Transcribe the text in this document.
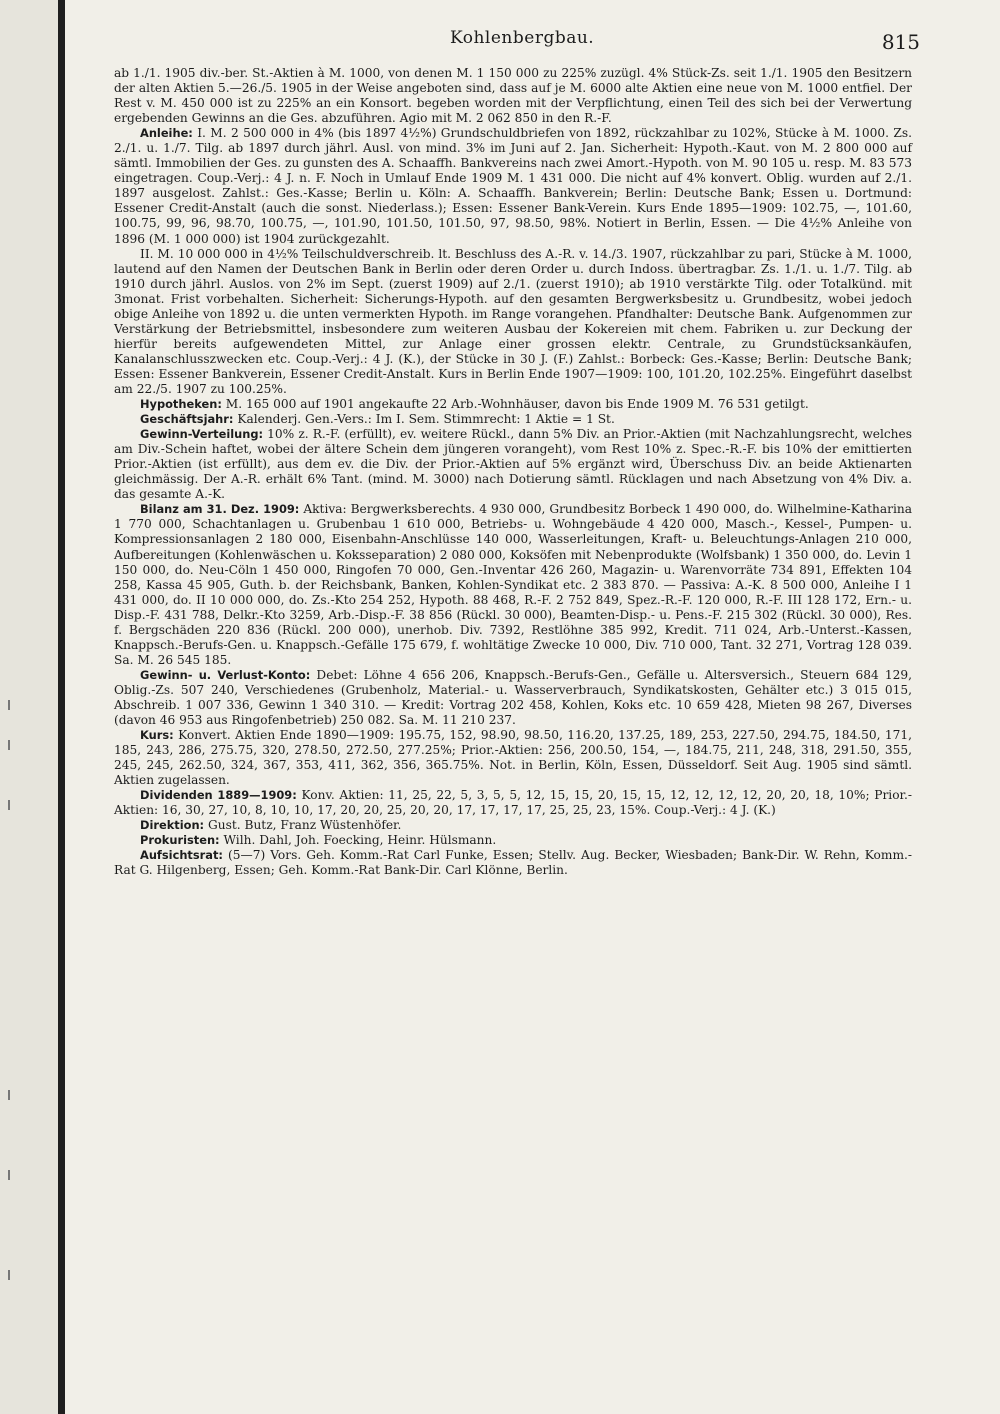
Kohlenbergbau.	815

ab 1./1. 1905 div.-ber. St.-Aktien à M. 1000, von denen M. 1 150 000 zu 225% zuzügl. 4% Stück-Zs. seit 1./1. 1905 den Besitzern der alten Aktien 5.—26./5. 1905 in der Weise angeboten sind, dass auf je M. 6000 alte Aktien eine neue von M. 1000 entfiel. Der Rest v. M. 450 000 ist zu 225% an ein Konsort. begeben worden mit der Verpflichtung, einen Teil des sich bei der Verwertung ergebenden Gewinns an die Ges. abzuführen. Agio mit M. 2 062 850 in den R.-F.

Anleihe: I. M. 2 500 000 in 4% (bis 1897 4½%) Grundschuldbriefen von 1892, rückzahlbar zu 102%, Stücke à M. 1000. Zs. 2./1. u. 1./7. Tilg. ab 1897 durch jährl. Ausl. von mind. 3% im Juni auf 2. Jan. Sicherheit: Hypoth.-Kaut. von M. 2 800 000 auf sämtl. Immobilien der Ges. zu gunsten des A. Schaaffh. Bankvereins nach zwei Amort.-Hypoth. von M. 90 105 u. resp. M. 83 573 eingetragen. Coup.-Verj.: 4 J. n. F. Noch in Umlauf Ende 1909 M. 1 431 000. Die nicht auf 4% konvert. Oblig. wurden auf 2./1. 1897 ausgelost. Zahlst.: Ges.-Kasse; Berlin u. Köln: A. Schaaffh. Bankverein; Berlin: Deutsche Bank; Essen u. Dortmund: Essener Credit-Anstalt (auch die sonst. Niederlass.); Essen: Essener Bank-Verein. Kurs Ende 1895—1909: 102.75, —, 101.60, 100.75, 99, 96, 98.70, 100.75, —, 101.90, 101.50, 101.50, 97, 98.50, 98%. Notiert in Berlin, Essen. — Die 4½% Anleihe von 1896 (M. 1 000 000) ist 1904 zurückgezahlt.

II. M. 10 000 000 in 4½% Teilschuldverschreib. lt. Beschluss des A.-R. v. 14./3. 1907, rückzahlbar zu pari, Stücke à M. 1000, lautend auf den Namen der Deutschen Bank in Berlin oder deren Order u. durch Indoss. übertragbar. Zs. 1./1. u. 1./7. Tilg. ab 1910 durch jährl. Auslos. von 2% im Sept. (zuerst 1909) auf 2./1. (zuerst 1910); ab 1910 verstärkte Tilg. oder Totalkünd. mit 3monat. Frist vorbehalten. Sicherheit: Sicherungs-Hypoth. auf den gesamten Bergwerksbesitz u. Grundbesitz, wobei jedoch obige Anleihe von 1892 u. die unten vermerkten Hypoth. im Range vorangehen. Pfandhalter: Deutsche Bank. Aufgenommen zur Verstärkung der Betriebsmittel, insbesondere zum weiteren Ausbau der Kokereien mit chem. Fabriken u. zur Deckung der hierfür bereits aufgewendeten Mittel, zur Anlage einer grossen elektr. Centrale, zu Grundstücksankäufen, Kanalanschlusszwecken etc. Coup.-Verj.: 4 J. (K.), der Stücke in 30 J. (F.) Zahlst.: Borbeck: Ges.-Kasse; Berlin: Deutsche Bank; Essen: Essener Bankverein, Essener Credit-Anstalt. Kurs in Berlin Ende 1907—1909: 100, 101.20, 102.25%. Eingeführt daselbst am 22./5. 1907 zu 100.25%.

Hypotheken: M. 165 000 auf 1901 angekaufte 22 Arb.-Wohnhäuser, davon bis Ende 1909 M. 76 531 getilgt.

Geschäftsjahr: Kalenderj. Gen.-Vers.: Im I. Sem. Stimmrecht: 1 Aktie = 1 St.

Gewinn-Verteilung: 10% z. R.-F. (erfüllt), ev. weitere Rückl., dann 5% Div. an Prior.-Aktien (mit Nachzahlungsrecht, welches am Div.-Schein haftet, wobei der ältere Schein dem jüngeren vorangeht), vom Rest 10% z. Spec.-R.-F. bis 10% der emittierten Prior.-Aktien (ist erfüllt), aus dem ev. die Div. der Prior.-Aktien auf 5% ergänzt wird, Überschuss Div. an beide Aktienarten gleichmässig. Der A.-R. erhält 6% Tant. (mind. M. 3000) nach Dotierung sämtl. Rücklagen und nach Absetzung von 4% Div. a. das gesamte A.-K.

Bilanz am 31. Dez. 1909: Aktiva: Bergwerksberechts. 4 930 000, Grundbesitz Borbeck 1 490 000, do. Wilhelmine-Katharina 1 770 000, Schachtanlagen u. Grubenbau 1 610 000, Betriebs- u. Wohngebäude 4 420 000, Masch.-, Kessel-, Pumpen- u. Kompressionsanlagen 2 180 000, Eisenbahn-Anschlüsse 140 000, Wasserleitungen, Kraft- u. Beleuchtungs-Anlagen 210 000, Aufbereitungen (Kohlenwäschen u. Koksseparation) 2 080 000, Koksöfen mit Nebenprodukte (Wolfsbank) 1 350 000, do. Levin 1 150 000, do. Neu-Cöln 1 450 000, Ringofen 70 000, Gen.-Inventar 426 260, Magazin- u. Warenvorräte 734 891, Effekten 104 258, Kassa 45 905, Guth. b. der Reichsbank, Banken, Kohlen-Syndikat etc. 2 383 870. — Passiva: A.-K. 8 500 000, Anleihe I 1 431 000, do. II 10 000 000, do. Zs.-Kto 254 252, Hypoth. 88 468, R.-F. 2 752 849, Spez.-R.-F. 120 000, R.-F. III 128 172, Ern.- u. Disp.-F. 431 788, Delkr.-Kto 3259, Arb.-Disp.-F. 38 856 (Rückl. 30 000), Beamten-Disp.- u. Pens.-F. 215 302 (Rückl. 30 000), Res. f. Bergschäden 220 836 (Rückl. 200 000), unerhob. Div. 7392, Restlöhne 385 992, Kredit. 711 024, Arb.-Unterst.-Kassen, Knappsch.-Berufs-Gen. u. Knappsch.-Gefälle 175 679, f. wohltätige Zwecke 10 000, Div. 710 000, Tant. 32 271, Vortrag 128 039. Sa. M. 26 545 185.

Gewinn- u. Verlust-Konto: Debet: Löhne 4 656 206, Knappsch.-Berufs-Gen., Gefälle u. Altersversich., Steuern 684 129, Oblig.-Zs. 507 240, Verschiedenes (Grubenholz, Material.- u. Wasserverbrauch, Syndikatskosten, Gehälter etc.) 3 015 015, Abschreib. 1 007 336, Gewinn 1 340 310. — Kredit: Vortrag 202 458, Kohlen, Koks etc. 10 659 428, Mieten 98 267, Diverses (davon 46 953 aus Ringofenbetrieb) 250 082. Sa. M. 11 210 237.

Kurs: Konvert. Aktien Ende 1890—1909: 195.75, 152, 98.90, 98.50, 116.20, 137.25, 189, 253, 227.50, 294.75, 184.50, 171, 185, 243, 286, 275.75, 320, 278.50, 272.50, 277.25%; Prior.-Aktien: 256, 200.50, 154, —, 184.75, 211, 248, 318, 291.50, 355, 245, 245, 262.50, 324, 367, 353, 411, 362, 356, 365.75%. Not. in Berlin, Köln, Essen, Düsseldorf. Seit Aug. 1905 sind sämtl. Aktien zugelassen.

Dividenden 1889—1909: Konv. Aktien: 11, 25, 22, 5, 3, 5, 5, 12, 15, 15, 20, 15, 15, 12, 12, 12, 12, 20, 20, 18, 10%; Prior.-Aktien: 16, 30, 27, 10, 8, 10, 10, 17, 20, 20, 25, 20, 20, 17, 17, 17, 17, 25, 25, 23, 15%. Coup.-Verj.: 4 J. (K.)

Direktion: Gust. Butz, Franz Wüstenhöfer.

Prokuristen: Wilh. Dahl, Joh. Foecking, Heinr. Hülsmann.

Aufsichtsrat: (5—7) Vors. Geh. Komm.-Rat Carl Funke, Essen; Stellv. Aug. Becker, Wiesbaden; Bank-Dir. W. Rehn, Komm.-Rat G. Hilgenberg, Essen; Geh. Komm.-Rat Bank-Dir. Carl Klönne, Berlin.
